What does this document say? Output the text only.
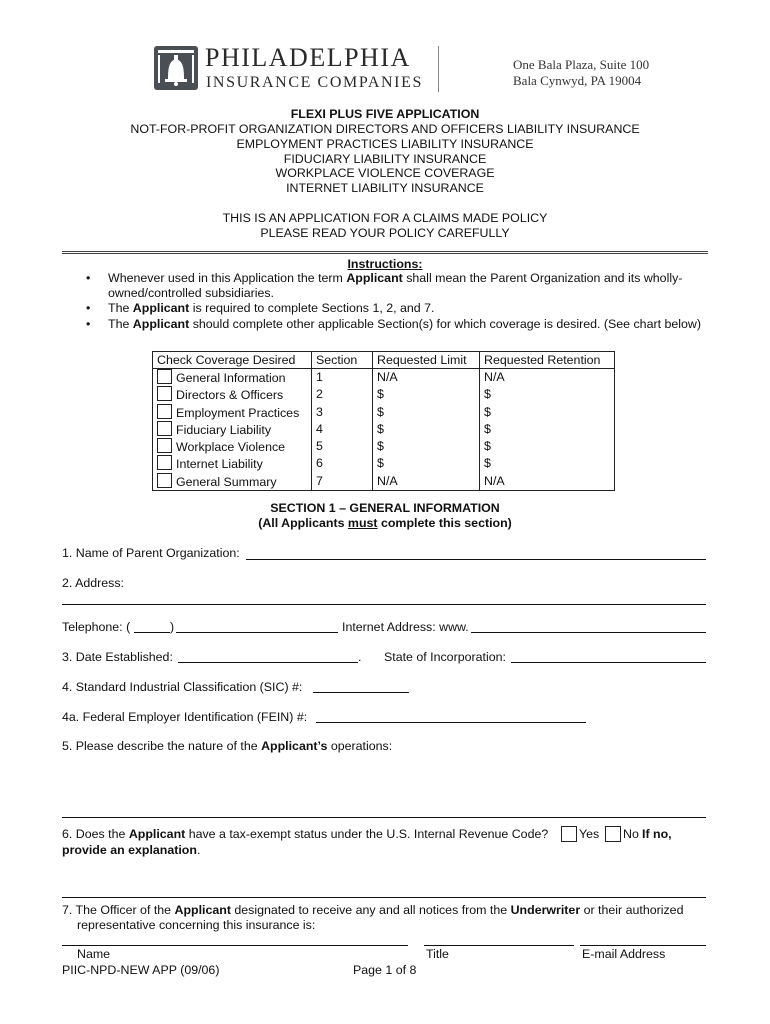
PHILADELPHIA
INSURANCE COMPANIES
One Bala Plaza, Suite 100
Bala Cynwyd, PA 19004
FLEXI PLUS FIVE APPLICATION
NOT-FOR-PROFIT ORGANIZATION DIRECTORS AND OFFICERS LIABILITY INSURANCE
EMPLOYMENT PRACTICES LIABILITY INSURANCE
FIDUCIARY LIABILITY INSURANCE
WORKPLACE VIOLENCE COVERAGE
INTERNET LIABILITY INSURANCE
THIS IS AN APPLICATION FOR A CLAIMS MADE POLICY
PLEASE READ YOUR POLICY CAREFULLY
Instructions:
• Whenever used in this Application the term Applicant shall mean the Parent Organization and its wholly-owned/controlled subsidiaries.
• The Applicant is required to complete Sections 1, 2, and 7.
• The Applicant should complete other applicable Section(s) for which coverage is desired. (See chart below)
Check Coverage Desired	Section	Requested Limit	Requested Retention
General Information	1	N/A	N/A
Directors & Officers	2	$	$
Employment Practices	3	$	$
Fiduciary Liability	4	$	$
Workplace Violence	5	$	$
Internet Liability	6	$	$
General Summary	7	N/A	N/A
SECTION 1 – GENERAL INFORMATION
(All Applicants must complete this section)
1. Name of Parent Organization:
2. Address:
Telephone: (	)	Internet Address: www.
3. Date Established:	. State of Incorporation:
4. Standard Industrial Classification (SIC) #:
4a. Federal Employer Identification (FEIN) #:
5. Please describe the nature of the Applicant’s operations:
6. Does the Applicant have a tax-exempt status under the U.S. Internal Revenue Code? Yes No If no,
provide an explanation.
7. The Officer of the Applicant designated to receive any and all notices from the Underwriter or their authorized
representative concerning this insurance is:
Name	Title	E-mail Address
PIIC-NPD-NEW APP (09/06)	Page 1 of 8
